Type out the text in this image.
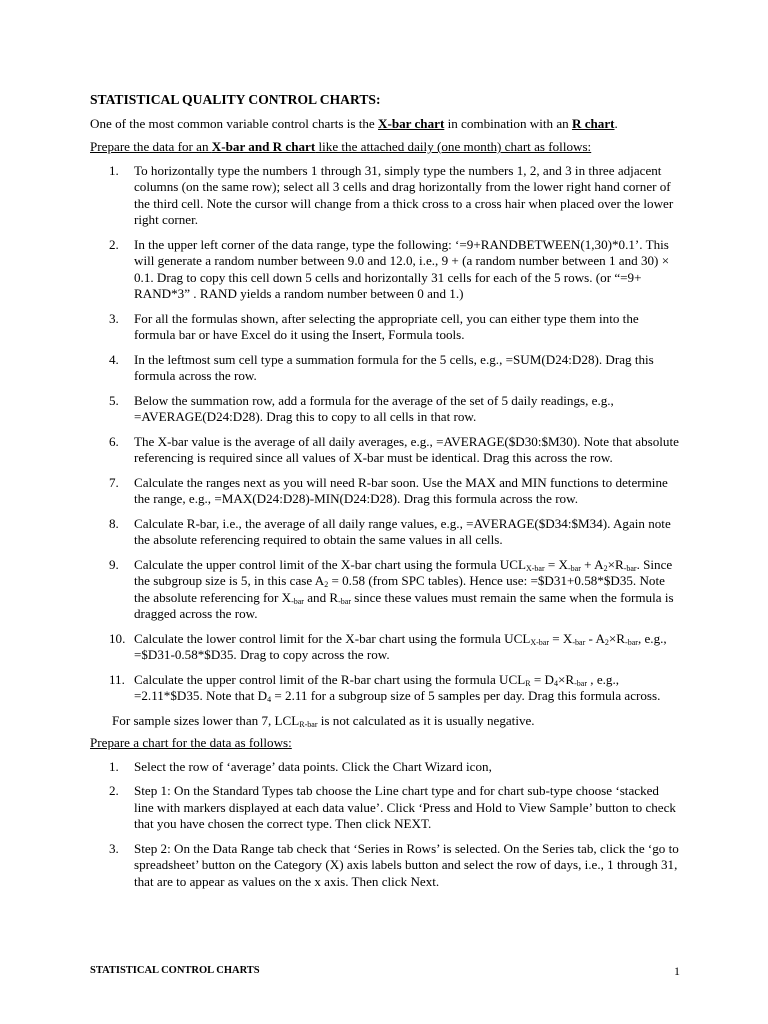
STATISTICAL QUALITY CONTROL CHARTS:
One of the most common variable control charts is the X-bar chart in combination with an R chart.
Prepare the data for an X-bar and R chart like the attached daily (one month) chart as follows:
1.	To horizontally type the numbers 1 through 31, simply type the numbers 1, 2, and 3 in three adjacent columns (on the same row); select all 3 cells and drag horizontally from the lower right hand corner of the third cell. Note the cursor will change from a thick cross to a cross hair when placed over the lower right corner.
2.	In the upper left corner of the data range, type the following: ‘=9+RANDBETWEEN(1,30)*0.1’. This will generate a random number between 9.0 and 12.0, i.e., 9 + (a random number between 1 and 30) × 0.1. Drag to copy this cell down 5 cells and horizontally 31 cells for each of the 5 rows. (or “=9+ RAND*3” . RAND yields a random number between 0 and 1.)
3.	For all the formulas shown, after selecting the appropriate cell, you can either type them into the formula bar or have Excel do it using the Insert, Formula tools.
4.	In the leftmost sum cell type a summation formula for the 5 cells, e.g., =SUM(D24:D28). Drag this formula across the row.
5.	Below the summation row, add a formula for the average of the set of 5 daily readings, e.g., =AVERAGE(D24:D28). Drag this to copy to all cells in that row.
6.	The X-bar value is the average of all daily averages, e.g., =AVERAGE($D30:$M30). Note that absolute referencing is required since all values of X-bar must be identical. Drag this across the row.
7.	Calculate the ranges next as you will need R-bar soon. Use the MAX and MIN functions to determine the range, e.g., =MAX(D24:D28)-MIN(D24:D28). Drag this formula across the row.
8.	Calculate R-bar, i.e., the average of all daily range values, e.g., =AVERAGE($D34:$M34). Again note the absolute referencing required to obtain the same values in all cells.
9.	Calculate the upper control limit of the X-bar chart using the formula $UCL_{X-bar} = X_{-bar} + A_2\times R_{-bar}$. Since the subgroup size is 5, in this case $A_2 = 0.58$ (from SPC tables). Hence use: =$D31+0.58*$D35. Note the absolute referencing for $X_{-bar}$ and $R_{-bar}$ since these values must remain the same when the formula is dragged across the row.
10. Calculate the lower control limit for the X-bar chart using the formula $UCL_{X-bar} = X_{-bar} - A_2\times R_{-bar}$, e.g., =$D31-0.58*$D35. Drag to copy across the row.
11. Calculate the upper control limit of the R-bar chart using the formula $UCL_R = D_4\times R_{-bar}$ , e.g., =2.11*$D35. Note that $D_4 = 2.11$ for a subgroup size of 5 samples per day. Drag this formula across.
For sample sizes lower than 7, $LCL_{R-bar}$ is not calculated as it is usually negative.
Prepare a chart for the data as follows:
1.	Select the row of ‘average’ data points. Click the Chart Wizard icon,
2.	Step 1: On the Standard Types tab choose the Line chart type and for chart sub-type choose ‘stacked line with markers displayed at each data value’. Click ‘Press and Hold to View Sample’ button to check that you have chosen the correct type. Then click NEXT.
3.	Step 2: On the Data Range tab check that ‘Series in Rows’ is selected. On the Series tab, click the ‘go to spreadsheet’ button on the Category (X) axis labels button and select the row of days, i.e., 1 through 31, that are to appear as values on the x axis. Then click Next.
STATISTICAL CONTROL CHARTS	1
